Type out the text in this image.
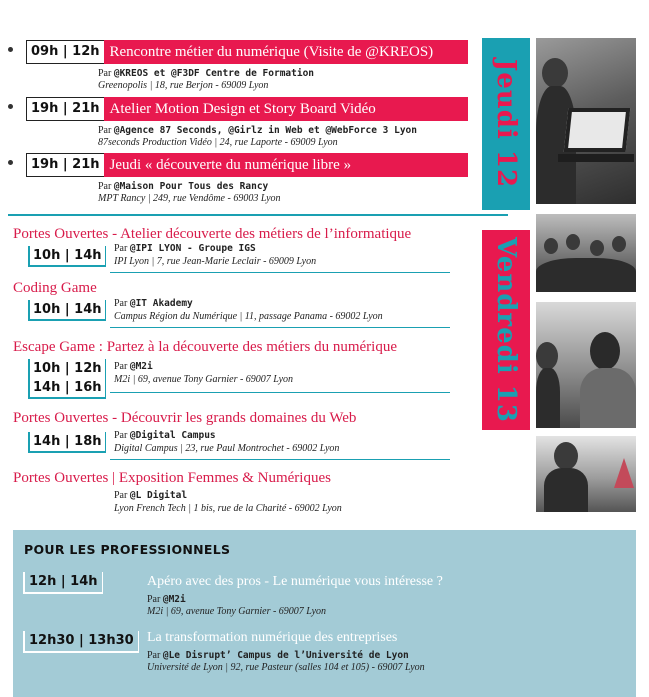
09h | 12h Rencontre métier du numérique (Visite de @KREOS)
Par @KREOS et @F3DF Centre de Formation
Greenopolis | 18, rue Berjon - 69009 Lyon
19h | 21h Atelier Motion Design et Story Board Vidéo
Par @Agence 87 Seconds, @Girlz in Web et @WebForce 3 Lyon
87seconds Production Vidéo | 24, rue Laporte - 69009 Lyon
19h | 21h Jeudi « découverte du numérique libre »
Par @Maison Pour Tous des Rancy
MPT Rancy | 249, rue Vendôme - 69003 Lyon
Jeudi 12
Vendredi 13
Portes Ouvertes - Atelier découverte des métiers de l’informatique
10h | 14h	Par @IPI LYON - Groupe IGS
IPI Lyon | 7, rue Jean-Marie Leclair - 69009 Lyon
Coding Game
10h | 14h	Par @IT Akademy
Campus Région du Numérique | 11, passage Panama - 69002 Lyon
Escape Game : Partez à la découverte des métiers du numérique
10h | 12h
14h | 16h
Par @M2i
M2i | 69, avenue Tony Garnier - 69007 Lyon
Portes Ouvertes - Découvrir les grands domaines du Web
14h | 18h	Par @Digital Campus
Digital Campus | 23, rue Paul Montrochet - 69002 Lyon
Portes Ouvertes | Exposition Femmes & Numériques
Par @L Digital
Lyon French Tech | 1 bis, rue de la Charité - 69002 Lyon
POUR LES PROFESSIONNELS
12h | 14h	Apéro avec des pros - Le numérique vous intéresse ?
Par @M2i
M2i | 69, avenue Tony Garnier - 69007 Lyon
12h30 | 13h30 La transformation numérique des entreprises
Par @Le Disrupt’ Campus de l’Université de Lyon
Université de Lyon | 92, rue Pasteur (salles 104 et 105) - 69007 Lyon
